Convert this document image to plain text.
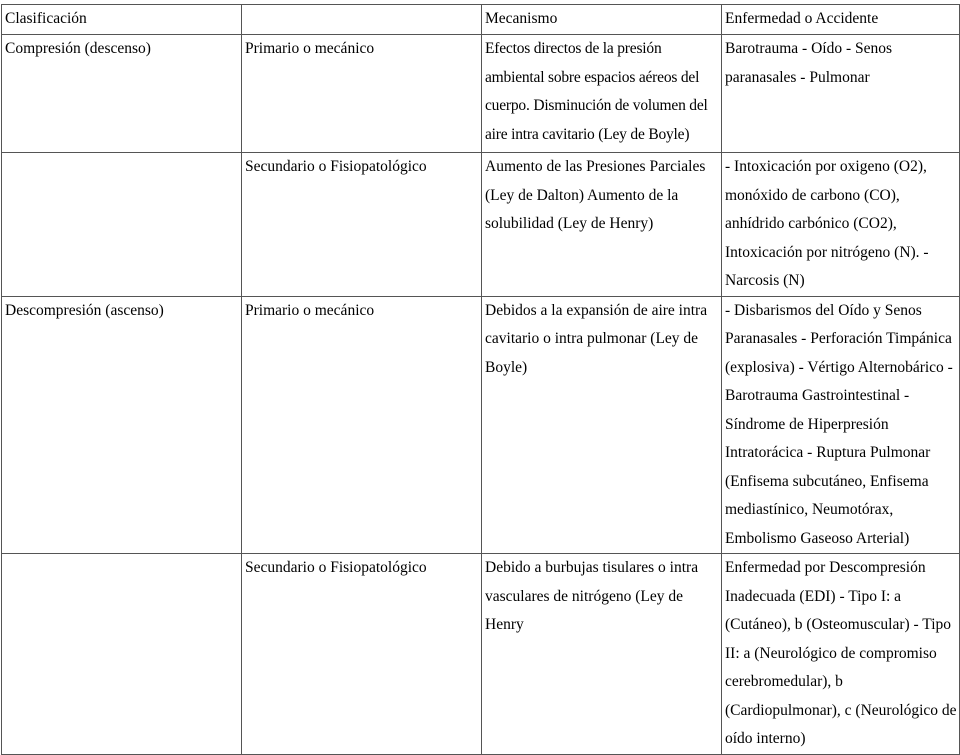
Clasificación		Mecanismo	Enfermedad o Accidente
Compresión (descenso)	Primario o mecánico	Efectos directos de la presión ambiental sobre espacios aéreos del cuerpo. Disminución de volumen del aire intra cavitario (Ley de Boyle)	Barotrauma - Oído - Senos paranasales - Pulmonar
	Secundario o Fisiopatológico	Aumento de las Presiones Parciales (Ley de Dalton) Aumento de la solubilidad (Ley de Henry)	- Intoxicación por oxigeno (O2), monóxido de carbono (CO), anhídrido carbónico (CO2), Intoxicación por nitrógeno (N). - Narcosis (N)
Descompresión (ascenso)	Primario o mecánico	Debidos a la expansión de aire intra cavitario o intra pulmonar (Ley de Boyle)	- Disbarismos del Oído y Senos Paranasales - Perforación Timpánica (explosiva) - Vértigo Alternobárico - Barotrauma Gastrointestinal - Síndrome de Hiperpresión Intratorácica - Ruptura Pulmonar (Enfisema subcutáneo, Enfisema mediastínico, Neumotórax, Embolismo Gaseoso Arterial)
	Secundario o Fisiopatológico	Debido a burbujas tisulares o intra vasculares de nitrógeno (Ley de Henry	Enfermedad por Descompresión Inadecuada (EDI) - Tipo I: a (Cutáneo), b (Osteomuscular) - Tipo II: a (Neurológico de compromiso cerebromedular), b (Cardiopulmonar), c (Neurológico de oído interno)
